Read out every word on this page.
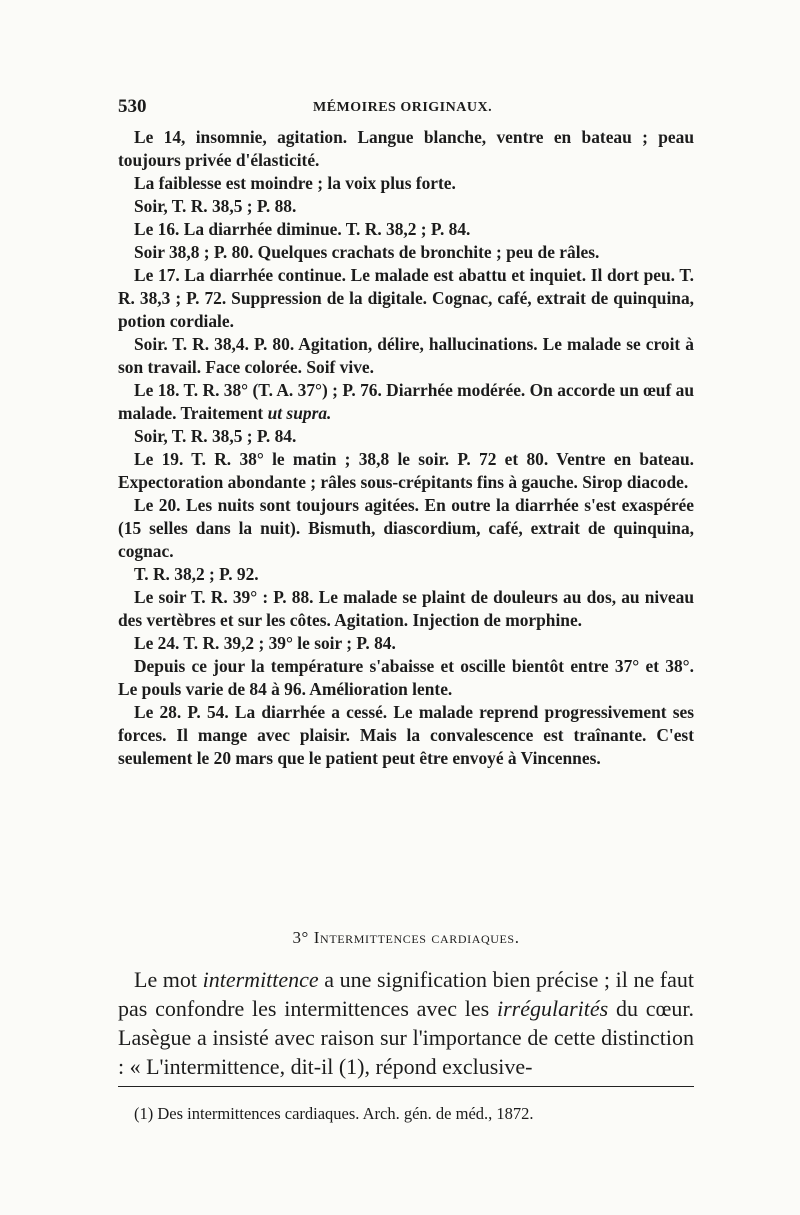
530	MÉMOIRES ORIGINAUX.

Le 14, insomnie, agitation. Langue blanche, ventre en bateau ; peau toujours privée d'élasticité.

La faiblesse est moindre ; la voix plus forte.

Soir, T. R. 38,5 ; P. 88.

Le 16. La diarrhée diminue. T. R. 38,2 ; P. 84.

Soir 38,8 ; P. 80. Quelques crachats de bronchite ; peu de râles.

Le 17. La diarrhée continue. Le malade est abattu et inquiet. Il dort peu. T. R. 38,3 ; P. 72. Suppression de la digitale. Cognac, café, extrait de quinquina, potion cordiale.

Soir. T. R. 38,4. P. 80. Agitation, délire, hallucinations. Le malade se croit à son travail. Face colorée. Soif vive.

Le 18. T. R. 38° (T. A. 37°) ; P. 76. Diarrhée modérée. On accorde un œuf au malade. Traitement ut supra.

Soir, T. R. 38,5 ; P. 84.

Le 19. T. R. 38° le matin ; 38,8 le soir. P. 72 et 80. Ventre en bateau. Expectoration abondante ; râles sous-crépitants fins à gauche. Sirop diacode.

Le 20. Les nuits sont toujours agitées. En outre la diarrhée s'est exaspérée (15 selles dans la nuit). Bismuth, diascordium, café, extrait de quinquina, cognac.

T. R. 38,2 ; P. 92.

Le soir T. R. 39° : P. 88. Le malade se plaint de douleurs au dos, au niveau des vertèbres et sur les côtes. Agitation. Injection de morphine.

Le 24. T. R. 39,2 ; 39° le soir ; P. 84.

Depuis ce jour la température s'abaisse et oscille bientôt entre 37° et 38°. Le pouls varie de 84 à 96. Amélioration lente.

Le 28. P. 54. La diarrhée a cessé. Le malade reprend progressivement ses forces. Il mange avec plaisir. Mais la convalescence est traînante. C'est seulement le 20 mars que le patient peut être envoyé à Vincennes.

3° Intermittences cardiaques.

Le mot intermittence a une signification bien précise ; il ne faut pas confondre les intermittences avec les irrégularités du cœur. Lasègue a insisté avec raison sur l'importance de cette distinction : « L'intermittence, dit-il (1), répond exclusive-

(1) Des intermittences cardiaques. Arch. gén. de méd., 1872.
